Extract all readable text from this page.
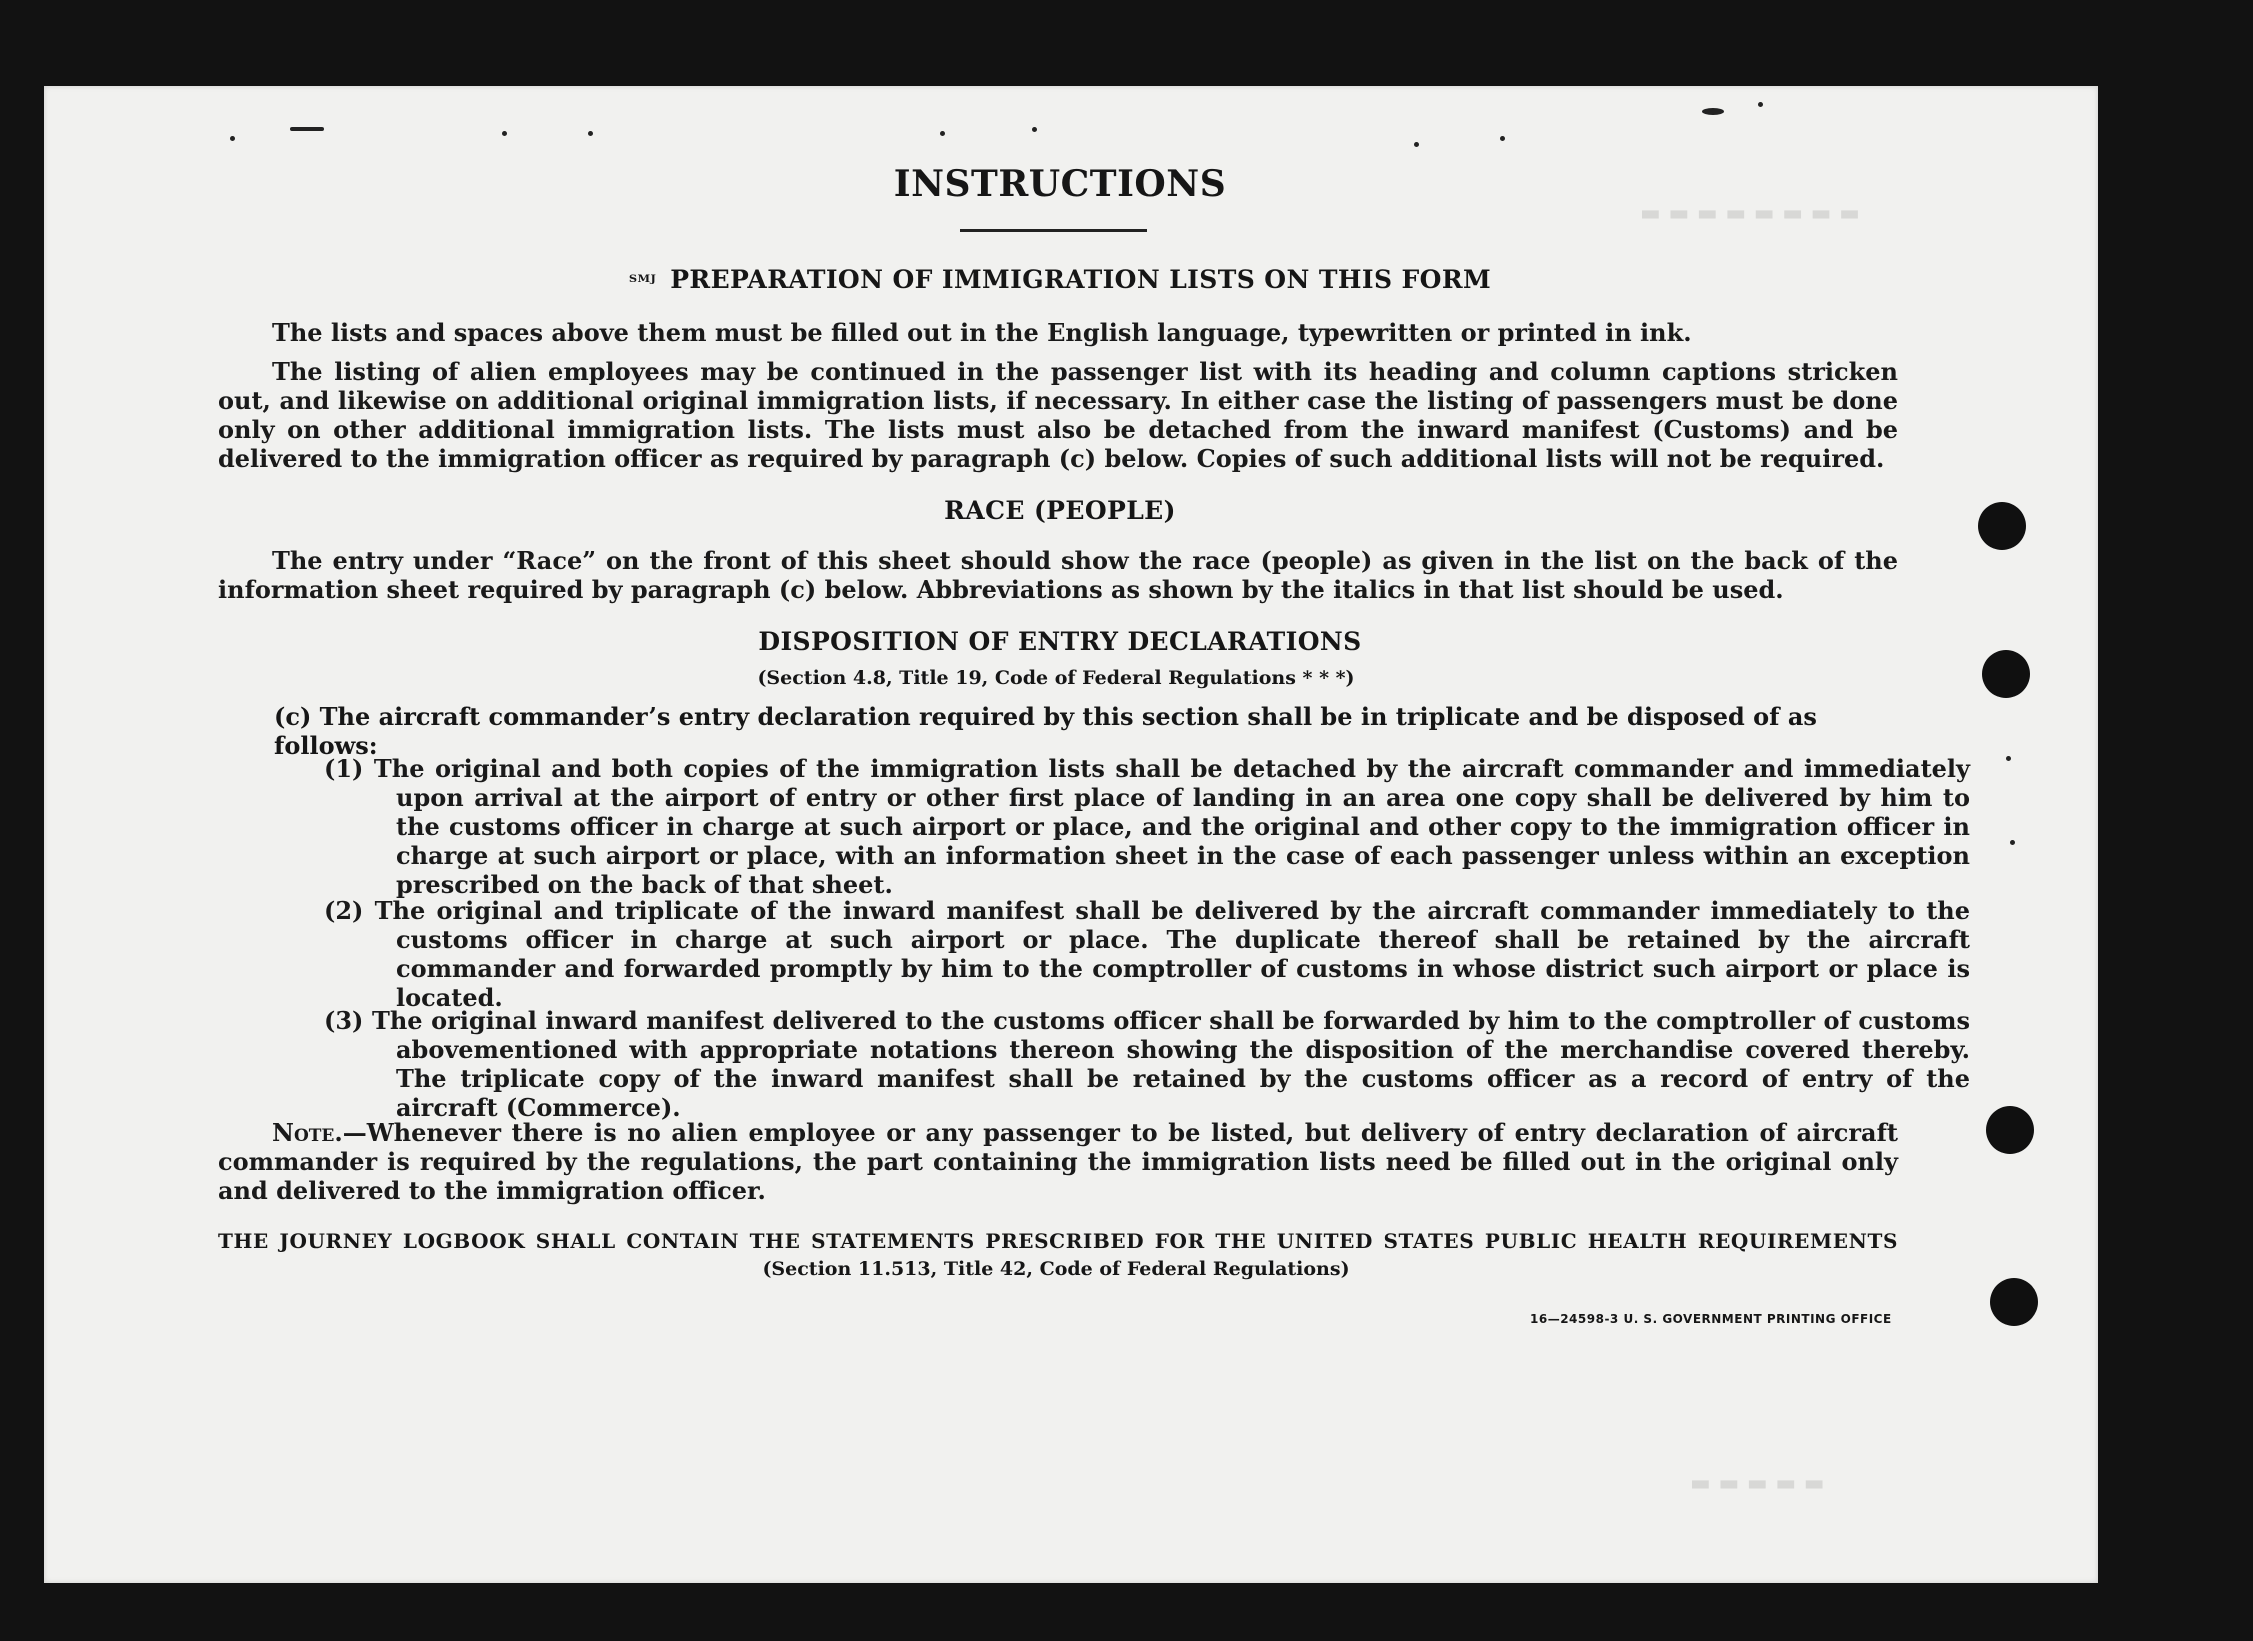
▬ ▬ ▬ ▬ ▬ ▬ ▬ ▬
▬ ▬ ▬ ▬ ▬
INSTRUCTIONS
ᵀᴹᴶ PREPARATION OF IMMIGRATION LISTS ON THIS FORM
The lists and spaces above them must be filled out in the English language, typewritten or printed in ink.
The listing of alien employees may be continued in the passenger list with its heading and column captions stricken out, and likewise on additional original immigration lists, if necessary. In either case the listing of passengers must be done only on other additional immigration lists. The lists must also be detached from the inward manifest (Customs) and be delivered to the immigration officer as required by paragraph (c) below. Copies of such additional lists will not be required.
RACE (PEOPLE)
The entry under “Race” on the front of this sheet should show the race (people) as given in the list on the back of the information sheet required by paragraph (c) below. Abbreviations as shown by the italics in that list should be used.
DISPOSITION OF ENTRY DECLARATIONS
(Section 4.8, Title 19, Code of Federal Regulations * * *)
(c) The aircraft commander’s entry declaration required by this section shall be in triplicate and be disposed of as follows:
(1) The original and both copies of the immigration lists shall be detached by the aircraft commander and immediately upon arrival at the airport of entry or other first place of landing in an area one copy shall be delivered by him to the customs officer in charge at such airport or place, and the original and other copy to the immigration officer in charge at such airport or place, with an information sheet in the case of each passenger unless within an exception prescribed on the back of that sheet.
(2) The original and triplicate of the inward manifest shall be delivered by the aircraft commander immediately to the customs officer in charge at such airport or place. The duplicate thereof shall be retained by the aircraft commander and forwarded promptly by him to the comptroller of customs in whose district such airport or place is located.
(3) The original inward manifest delivered to the customs officer shall be forwarded by him to the comptroller of customs abovementioned with appropriate notations thereon showing the disposition of the merchandise covered thereby. The triplicate copy of the inward manifest shall be retained by the customs officer as a record of entry of the aircraft (Commerce).
Note.—Whenever there is no alien employee or any passenger to be listed, but delivery of entry declaration of aircraft commander is required by the regulations, the part containing the immigration lists need be filled out in the original only and delivered to the immigration officer.
THE JOURNEY LOGBOOK SHALL CONTAIN THE STATEMENTS PRESCRIBED FOR THE UNITED STATES PUBLIC HEALTH REQUIREMENTS
(Section 11.513, Title 42, Code of Federal Regulations)
16—24598-3 U. S. GOVERNMENT PRINTING OFFICE
